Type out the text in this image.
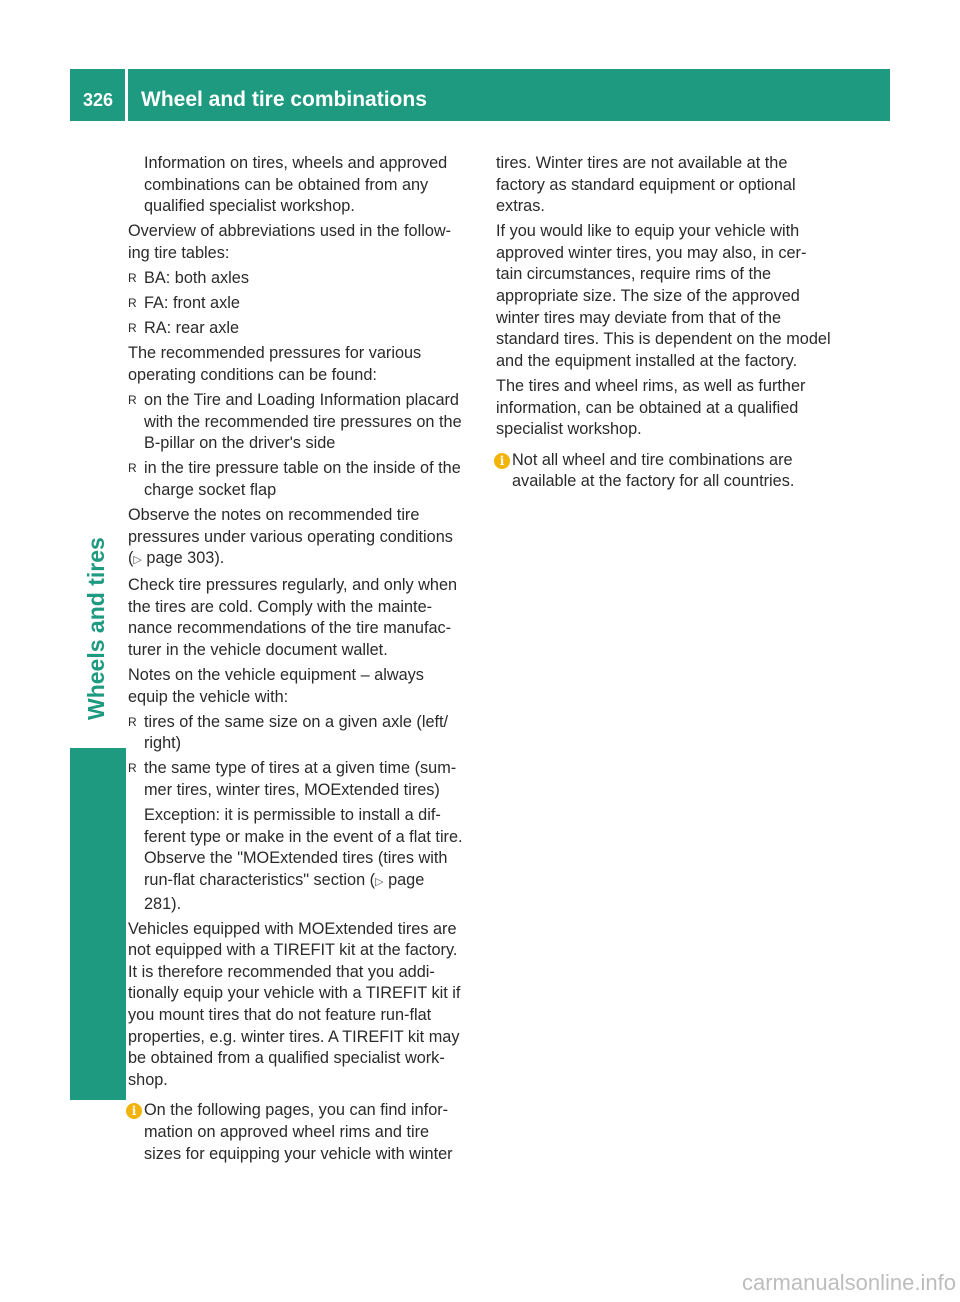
326 Wheel and tire combinations
Wheels and tires

Information on tires, wheels and approved combinations can be obtained from any qualified specialist workshop.

Overview of abbreviations used in the follow-ing tire tables:

R BA: both axles
R FA: front axle
R RA: rear axle

The recommended pressures for various operating conditions can be found:

R on the Tire and Loading Information placard with the recommended tire pressures on the B-pillar on the driver's side
R in the tire pressure table on the inside of the charge socket flap

Observe the notes on recommended tire pressures under various operating conditions (▷ page 303).

Check tire pressures regularly, and only when the tires are cold. Comply with the mainte-nance recommendations of the tire manufac-turer in the vehicle document wallet.

Notes on the vehicle equipment – always equip the vehicle with:

R tires of the same size on a given axle (left/ right)
R the same type of tires at a given time (sum-mer tires, winter tires, MOExtended tires)

Exception: it is permissible to install a dif-ferent type or make in the event of a flat tire. Observe the "MOExtended tires (tires with run-flat characteristics" section (▷ page 281).

Vehicles equipped with MOExtended tires are not equipped with a TIREFIT kit at the factory. It is therefore recommended that you addi-tionally equip your vehicle with a TIREFIT kit if you mount tires that do not feature run-flat properties, e.g. winter tires. A TIREFIT kit may be obtained from a qualified specialist work-shop.

i On the following pages, you can find infor-mation on approved wheel rims and tire sizes for equipping your vehicle with winter

tires. Winter tires are not available at the factory as standard equipment or optional extras.

If you would like to equip your vehicle with approved winter tires, you may also, in cer-tain circumstances, require rims of the appropriate size. The size of the approved winter tires may deviate from that of the standard tires. This is dependent on the model and the equipment installed at the factory.

The tires and wheel rims, as well as further information, can be obtained at a qualified specialist workshop.

i Not all wheel and tire combinations are available at the factory for all countries.
carmanualsonline.info
